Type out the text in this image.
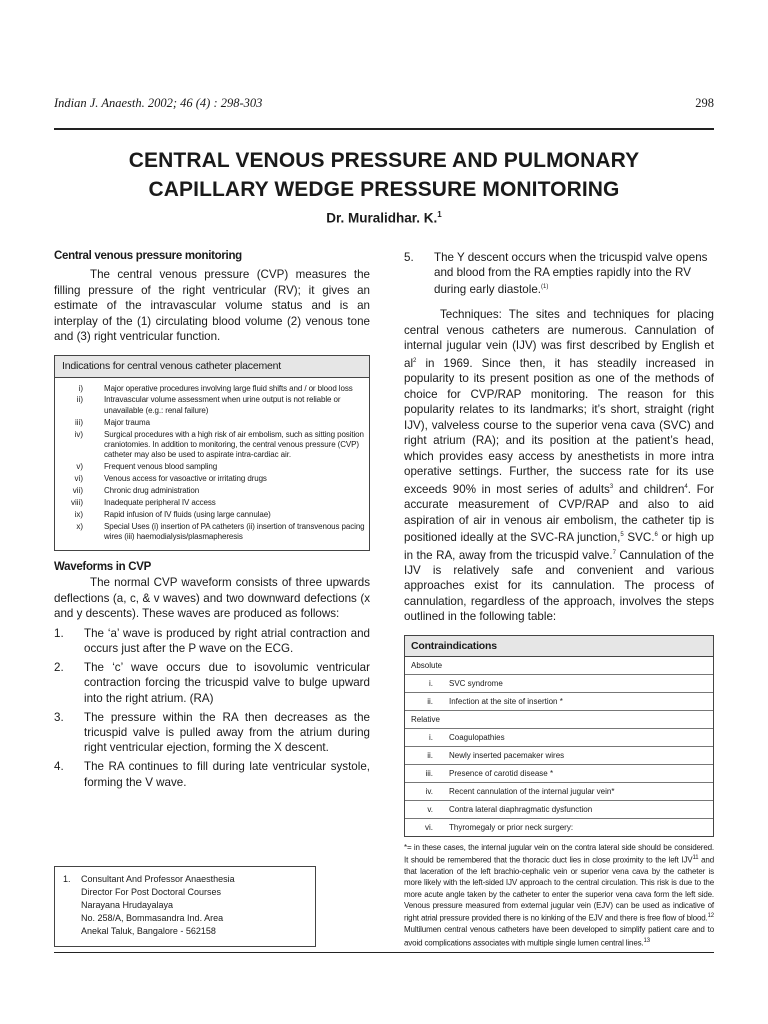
Indian J. Anaesth. 2002; 46 (4) : 298-303	298
CENTRAL VENOUS PRESSURE AND PULMONARY
CAPILLARY WEDGE PRESSURE MONITORING
Dr. Muralidhar. K.$^1$
Central venous pressure monitoring

The central venous pressure (CVP) measures the filling pressure of the right ventricular (RV); it gives an estimate of the intravascular volume status and is an interplay of the (1) circulating blood volume (2) venous tone and (3) right ventricular function.

Indications for central venous catheter placement
i)	Major operative procedures involving large fluid shifts and / or blood loss
ii)	Intravascular volume assessment when urine output is not reliable or unavailable (e.g.: renal failure)
iii)	Major trauma
iv)	Surgical procedures with a high risk of air embolism, such as sitting position craniotomies. In addition to monitoring, the central venous pressure (CVP) catheter may also be used to aspirate intra-cardiac air.
v)	Frequent venous blood sampling
vi)	Venous access for vasoactive or irritating drugs
vii)	Chronic drug administration
viii)	Inadequate peripheral IV access
ix)	Rapid infusion of IV fluids (using large cannulae)
x)	Special Uses (i) insertion of PA catheters (ii) insertion of transvenous pacing wires (iii) haemodialysis/plasmapheresis
Waveforms in CVP

The normal CVP waveform consists of three upwards deflections (a, c, & v waves) and two downward defections (x and y descents). These waves are produced as follows:

1.	The ‘a’ wave is produced by right atrial contraction and occurs just after the P wave on the ECG.
2.	The ‘c’ wave occurs due to isovolumic ventricular contraction forcing the tricuspid valve to bulge upward into the right atrium. (RA)
3.	The pressure within the RA then decreases as the tricuspid valve is pulled away from the atrium during right ventricular ejection, forming the X descent.
4.	The RA continues to fill during late ventricular systole, forming the V wave.
1.	Consultant And Professor Anaesthesia
Director For Post Doctoral Courses
Narayana Hrudayalaya
No. 258/A, Bommasandra Ind. Area
Anekal Taluk, Bangalore - 562158
5.	The Y descent occurs when the tricuspid valve opens and blood from the RA empties rapidly into the RV during early diastole.$^{(1)}$

Techniques: The sites and techniques for placing central venous catheters are numerous. Cannulation of internal jugular vein (IJV) was first described by English et $al^2$ in 1969. Since then, it has steadily increased in popularity to its present position as one of the methods of choice for CVP/RAP monitoring. The reason for this popularity relates to its landmarks; it’s short, straight (right IJV), valveless course to the superior vena cava (SVC) and right atrium (RA); and its position at the patient’s head, which provides easy access by anesthetists in more intra operative settings. Further, the success rate for its use exceeds 90% in most series of adults$^3$ and children$^4$. For accurate measurement of CVP/RAP and also to aid aspiration of air in venous air embolism, the catheter tip is positioned ideally at the SVC-RA junction,$^5$ SVC.$^6$ or high up in the RA, away from the tricuspid valve.$^7$ Cannulation of the IJV is relatively safe and convenient and various approaches exist for its cannulation. The process of cannulation, regardless of the approach, involves the steps outlined in the following table:

Contraindications
Absolute
i.	SVC syndrome
ii.	Infection at the site of insertion *
Relative
i.	Coagulopathies
ii.	Newly inserted pacemaker wires
iii.	Presence of carotid disease *
iv.	Recent cannulation of the internal jugular vein*
v.	Contra lateral diaphragmatic dysfunction
vi.	Thyromegaly or prior neck surgery:
*= in these cases, the internal jugular vein on the contra lateral side should be considered. It should be remembered that the thoracic duct lies in close proximity to the left IJV$^{11}$ and that laceration of the left brachio-cephalic vein or superior vena cava by the catheter is more likely with the left-sided IJV approach to the central circulation. This risk is due to the more acute angle taken by the catheter to enter the superior vena cava form the left side. Venous pressure measured from external jugular vein (EJV) can be used as indicative of right atrial pressure provided there is no kinking of the EJV and there is free flow of blood.$^{12}$ Multilumen central venous catheters have been developed to simplify patient care and to avoid complications associates with multiple single lumen central lines.$^{13}$
